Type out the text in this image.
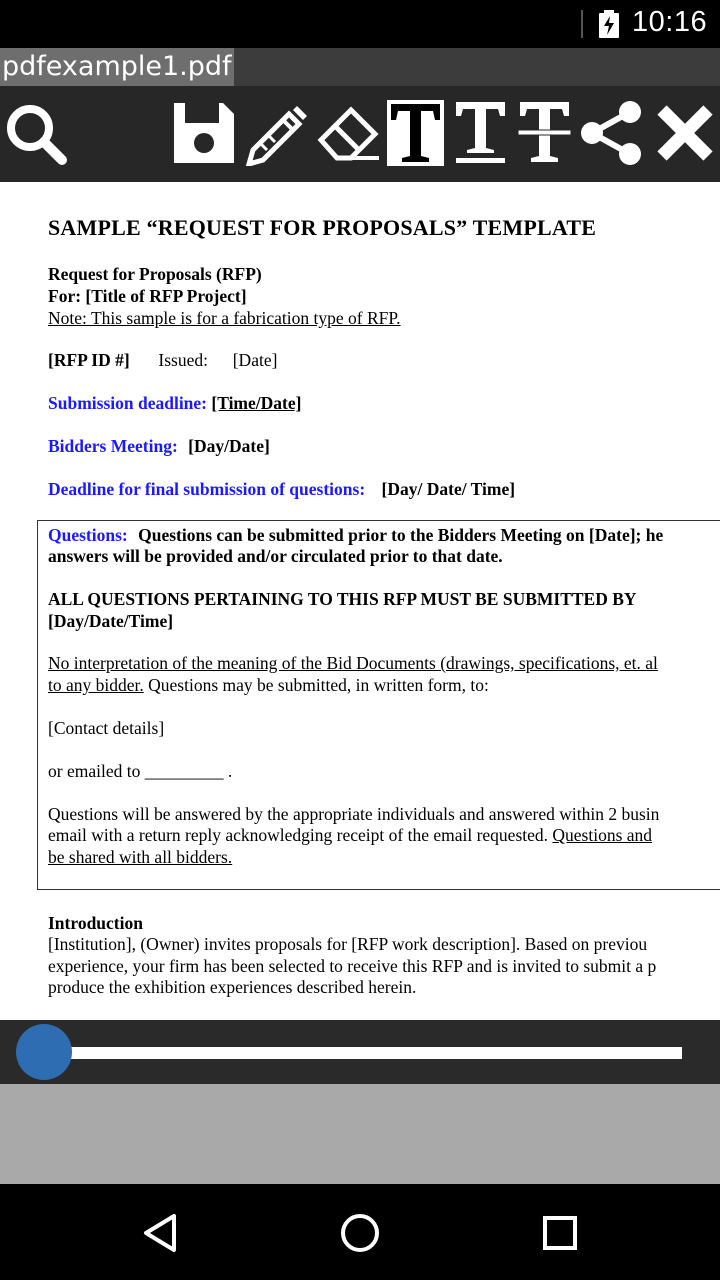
10:16
pdfexample1.pdf
SAMPLE “REQUEST FOR PROPOSALS” TEMPLATE
Request for Proposals (RFP)
For: [Title of RFP Project]
Note: This sample is for a fabrication type of RFP.
[RFP ID #] Issued: [Date]
Submission deadline: [Time/Date]
Bidders Meeting: [Day/Date]
Deadline for final submission of questions: [Day/ Date/ Time]
Questions: Questions can be submitted prior to the Bidders Meeting on [Date]; he
answers will be provided and/or circulated prior to that date.
ALL QUESTIONS PERTAINING TO THIS RFP MUST BE SUBMITTED BY
[Day/Date/Time]
No interpretation of the meaning of the Bid Documents (drawings, specifications, et. al
to any bidder. Questions may be submitted, in written form, to:
[Contact details]
or emailed to _________ .
Questions will be answered by the appropriate individuals and answered within 2 busin
email with a return reply acknowledging receipt of the email requested. Questions and
be shared with all bidders.
Introduction
[Institution], (Owner) invites proposals for [RFP work description]. Based on previou
experience, your firm has been selected to receive this RFP and is invited to submit a p
produce the exhibition experiences described herein.
